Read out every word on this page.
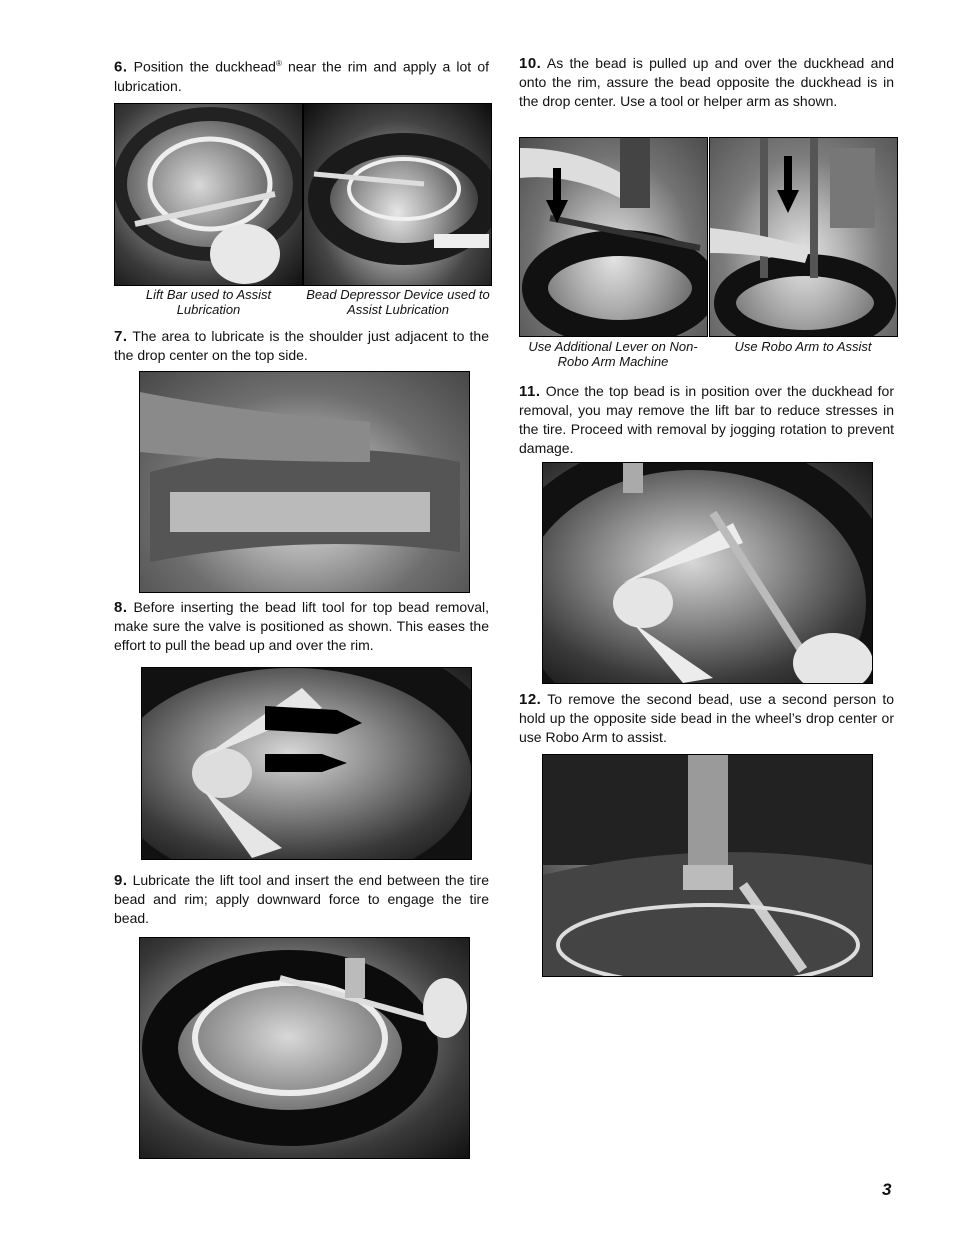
6. Position the duckhead® near the rim and apply a lot of lubrication.

Lift Bar used to Assist Lubrication
Bead Depressor Device used to Assist Lubrication

7. The area to lubricate is the shoulder just adjacent to the the drop center on the top side.

8. Before inserting the bead lift tool for top bead removal, make sure the valve is positioned as shown. This eases the effort to pull the bead up and over the rim.

9. Lubricate the lift tool and insert the end between the tire bead and rim; apply downward force to engage the tire bead.

10. As the bead is pulled up and over the duckhead and onto the rim, assure the bead opposite the duckhead is in the drop center. Use a tool or helper arm as shown.

Use Additional Lever on Non-Robo Arm Machine
Use Robo Arm to Assist

11. Once the top bead is in position over the duckhead for removal, you may remove the lift bar to reduce stresses in the tire. Proceed with removal by jogging rotation to prevent damage.

12. To remove the second bead, use a second person to hold up the opposite side bead in the wheel’s drop center or use Robo Arm to assist.

3
